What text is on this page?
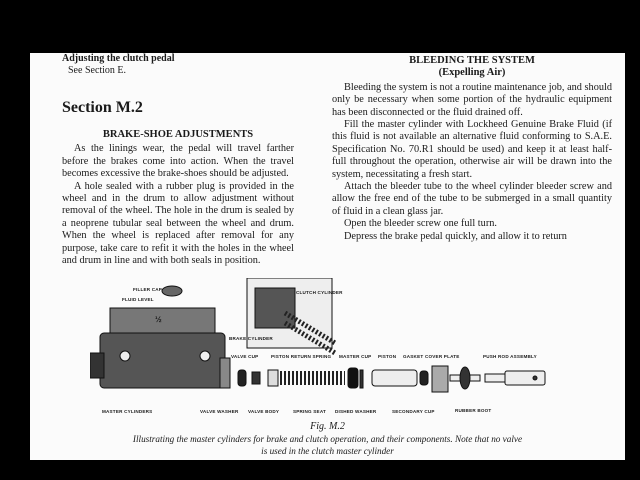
Adjusting the clutch pedal
See Section E.
Section M.2
BRAKE-SHOE ADJUSTMENTS

As the linings wear, the pedal will travel farther before the brakes come into action. When the travel becomes excessive the brake-shoes should be adjusted.

A hole sealed with a rubber plug is provided in the wheel and in the drum to allow adjustment without removal of the wheel. The hole in the drum is sealed by a neoprene tubular seal between the wheel and drum. When the wheel is replaced after removal for any purpose, take care to refit it with the holes in the wheel and drum in line and with both seals in position.

BLEEDING THE SYSTEM
(Expelling Air)

Bleeding the system is not a routine maintenance job, and should only be necessary when some portion of the hydraulic equipment has been disconnected or the fluid drained off.

Fill the master cylinder with Lockheed Genuine Brake Fluid (if this fluid is not available an alternative fluid conforming to S.A.E. Specification No. 70.R1 should be used) and keep it at least half-full throughout the operation, otherwise air will be drawn into the system, necessitating a fresh start.

Attach the bleeder tube to the wheel cylinder bleeder screw and allow the free end of the tube to be submerged in a small quantity of fluid in a clean glass jar.

Open the bleeder screw one full turn.

Depress the brake pedal quickly, and allow it to return

FILLER CAP
FLUID LEVEL
½
CLUTCH CYLINDER
BRAKE CYLINDER
VALVE CUP	PISTON RETURN SPRING MASTER CUP PISTON GASKET COVER PLATE	PUSH ROD ASSEMBLY
MASTER CYLINDERS	VALVE WASHER VALVE BODY	SPRING SEAT DISHED WASHER	SECONDARY CUP	RUBBER BOOT
Fig. M.2
Illustrating the master cylinders for brake and clutch operation, and their components. Note that no valve
is used in the clutch master cylinder
